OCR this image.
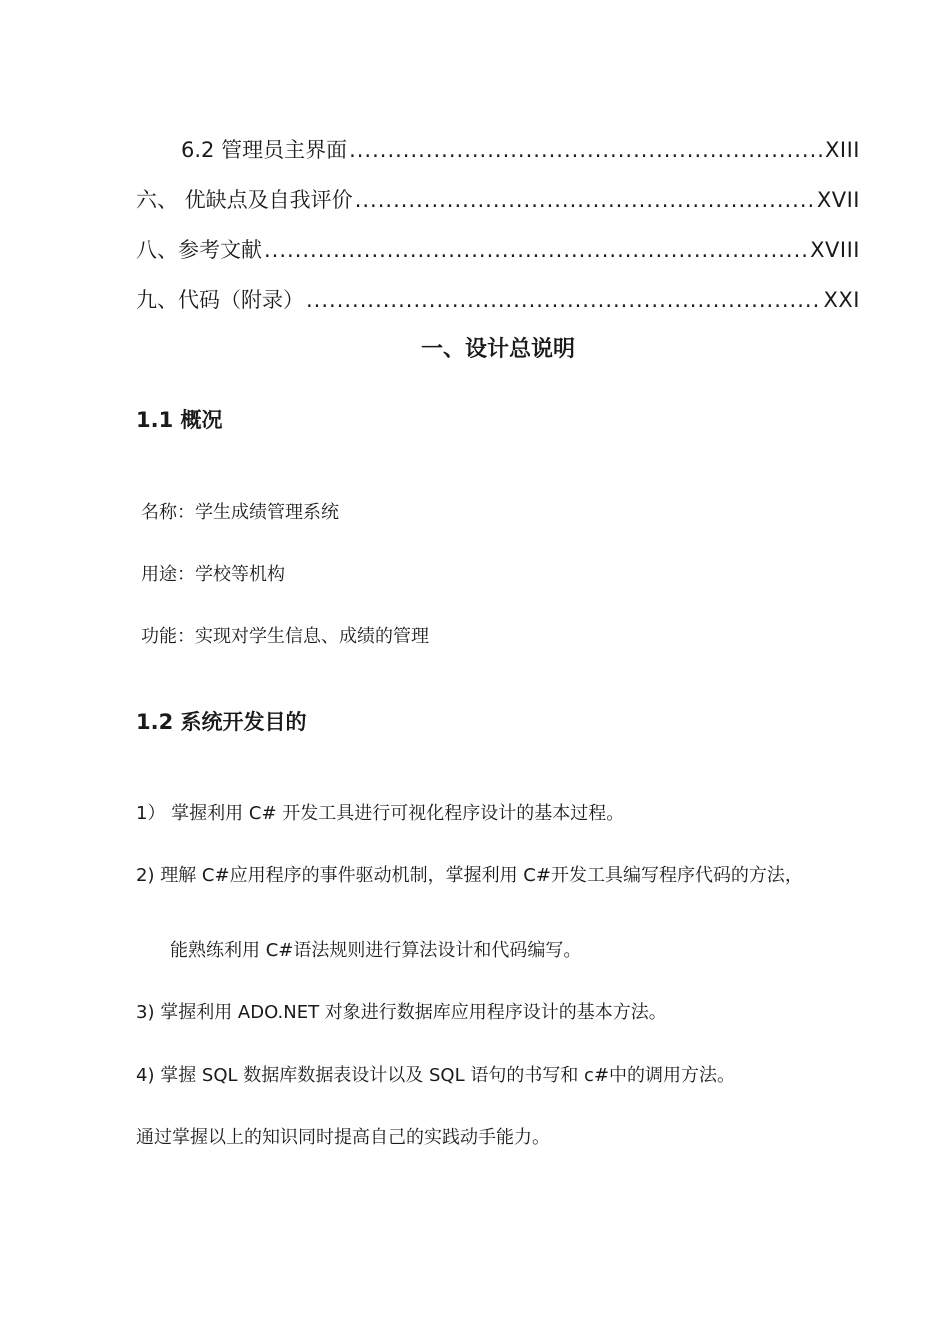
6.2 管理员主界面 .....	XIII
六、 优缺点及自我评价 .....	XVII
八、参考文献 .....	XVIII
九、代码（附录） .....	XXI
一、设计总说明
1.1 概况
名称：学生成绩管理系统
用途：学校等机构
功能：实现对学生信息、成绩的管理
1.2 系统开发目的
1） 掌握利用 C# 开发工具进行可视化程序设计的基本过程。
2) 理解 C#应用程序的事件驱动机制，掌握利用 C#开发工具编写程序代码的方法，
能熟练利用 C#语法规则进行算法设计和代码编写。
3) 掌握利用 ADO.NET 对象进行数据库应用程序设计的基本方法。
4) 掌握 SQL 数据库数据表设计以及 SQL 语句的书写和 c#中的调用方法。
通过掌握以上的知识同时提高自己的实践动手能力。
